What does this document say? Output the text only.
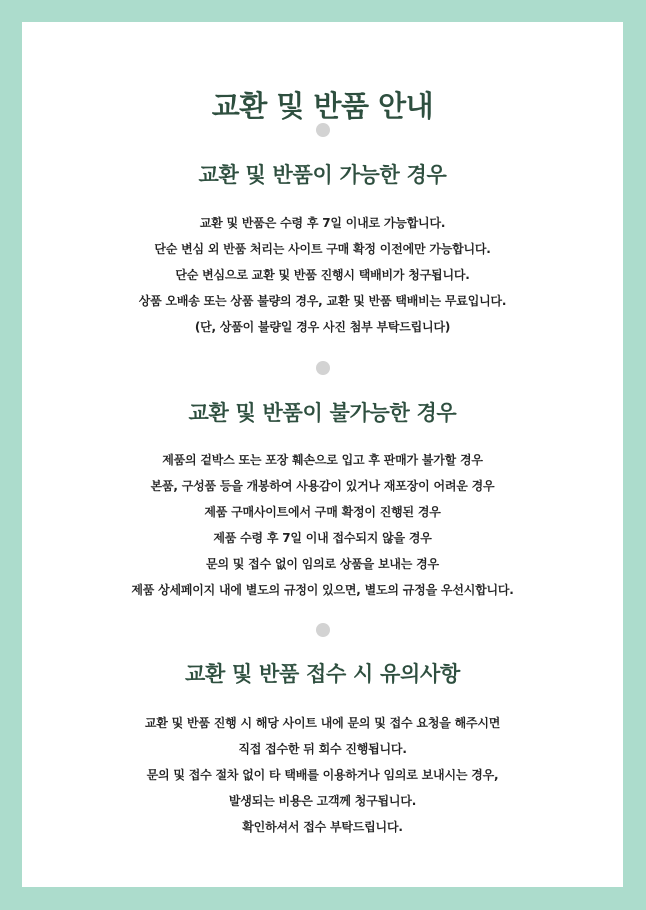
교환 및 반품 안내
교환 및 반품이 가능한 경우
교환 및 반품은 수령 후 7일 이내로 가능합니다.
단순 변심 외 반품 처리는 사이트 구매 확정 이전에만 가능합니다.
단순 변심으로 교환 및 반품 진행시 택배비가 청구됩니다.
상품 오배송 또는 상품 불량의 경우, 교환 및 반품 택배비는 무료입니다.
(단, 상품이 불량일 경우 사진 첨부 부탁드립니다)
교환 및 반품이 불가능한 경우
제품의 겉박스 또는 포장 훼손으로 입고 후 판매가 불가할 경우
본품, 구성품 등을 개봉하여 사용감이 있거나 재포장이 어려운 경우
제품 구매사이트에서 구매 확정이 진행된 경우
제품 수령 후 7일 이내 접수되지 않을 경우
문의 및 접수 없이 임의로 상품을 보내는 경우
제품 상세페이지 내에 별도의 규정이 있으면, 별도의 규정을 우선시합니다.
교환 및 반품 접수 시 유의사항
교환 및 반품 진행 시 해당 사이트 내에 문의 및 접수 요청을 해주시면
직접 접수한 뒤 회수 진행됩니다.
문의 및 접수 절차 없이 타 택배를 이용하거나 임의로 보내시는 경우,
발생되는 비용은 고객께 청구됩니다.
확인하셔서 접수 부탁드립니다.
